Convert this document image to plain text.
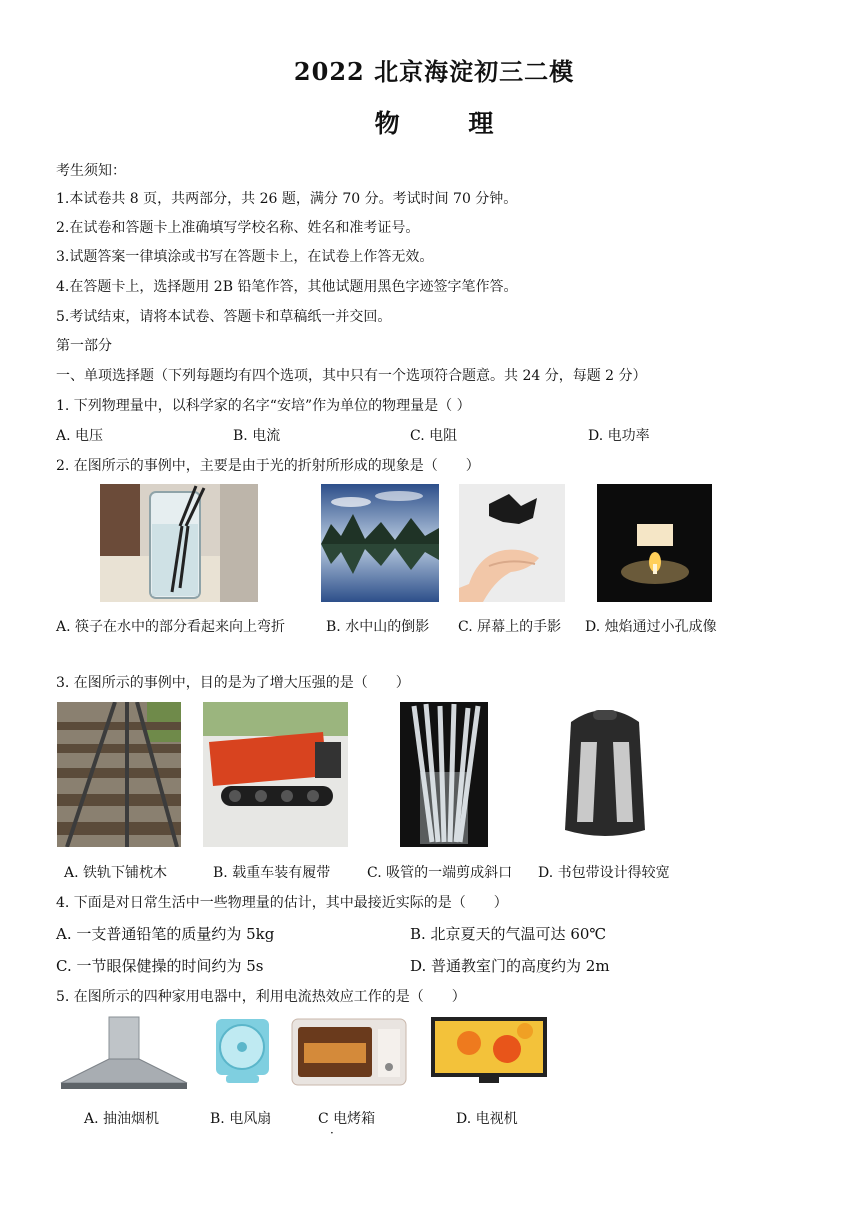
2022 北京海淀初三二模
物 理
考生须知：
1.本试卷共 8 页，共两部分，共 26 题，满分 70 分。考试时间 70 分钟。
2.在试卷和答题卡上准确填写学校名称、姓名和准考证号。
3.试题答案一律填涂或书写在答题卡上，在试卷上作答无效。
4.在答题卡上，选择题用 2B 铅笔作答，其他试题用黑色字迹签字笔作答。
5.考试结束，请将本试卷、答题卡和草稿纸一并交回。
第一部分
一、单项选择题（下列每题均有四个选项，其中只有一个选项符合题意。共 24 分，每题 2 分）
1. 下列物理量中，以科学家的名字“安培”作为单位的物理量是（ ）
A. 电压	B. 电流	C. 电阻	D. 电功率
2. 在图所示的事例中，主要是由于光的折射所形成的现象是（　　）
A. 筷子在水中的部分看起来向上弯折	B. 水中山的倒影 C. 屏幕上的手影 D. 烛焰通过小孔成像
3. 在图所示的事例中，目的是为了增大压强的是（　　）
A. 铁轨下铺枕木	B. 载重车装有履带	C. 吸管的一端剪成斜口 D. 书包带设计得较宽
4. 下面是对日常生活中一些物理量的估计，其中最接近实际的是（　　）
A. 一支普通铅笔的质量约为 5kg	B. 北京夏天的气温可达 60℃
C. 一节眼保健操的时间约为 5s	D. 普通教室门的高度约为 2m
5. 在图所示的四种家用电器中，利用电流热效应工作的是（　　）
A. 抽油烟机	B. 电风扇	C 电烤箱	D. 电视机
·
